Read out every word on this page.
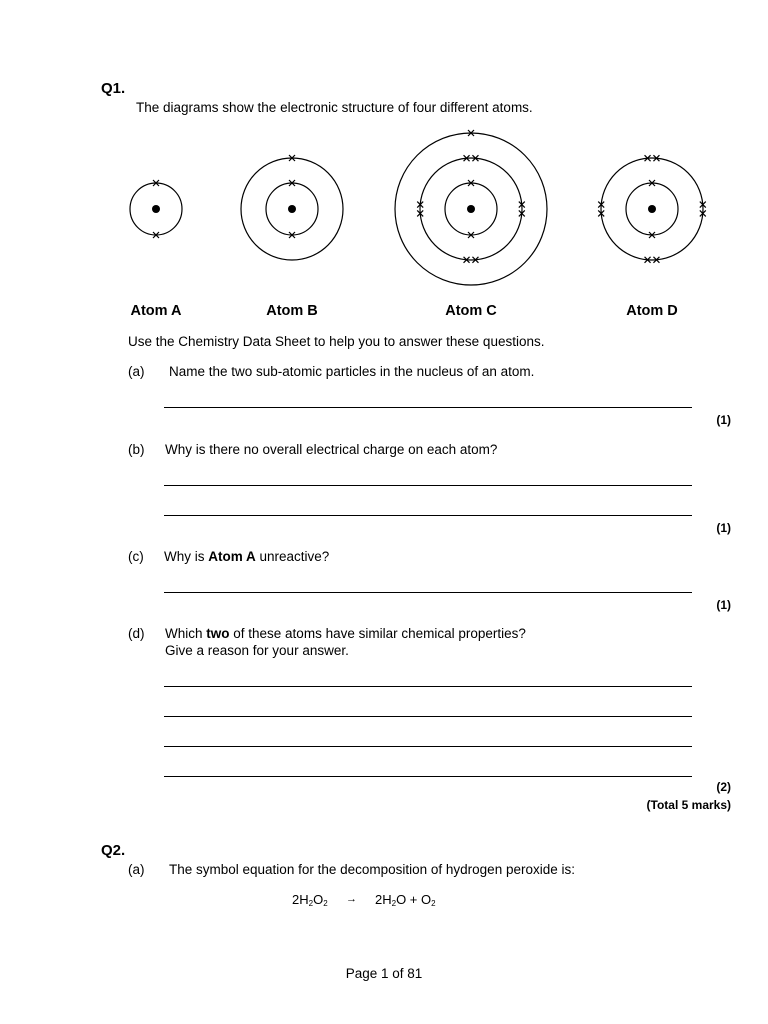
Q1.

The diagrams show the electronic structure of four different atoms.

Atom A	Atom B	Atom C	Atom D

Use the Chemistry Data Sheet to help you to answer these questions.

(a) Name the two sub-atomic particles in the nucleus of an atom.

(1)

(b) Why is there no overall electrical charge on each atom?

(1)

(c) Why is Atom A unreactive?

(1)

(d) Which two of these atoms have similar chemical properties?

Give a reason for your answer.

(2)

(Total 5 marks)

Q2.

(a) The symbol equation for the decomposition of hydrogen peroxide is:

$2H_2O_2 \to 2H_2O + O_2$

Page 1 of 81
